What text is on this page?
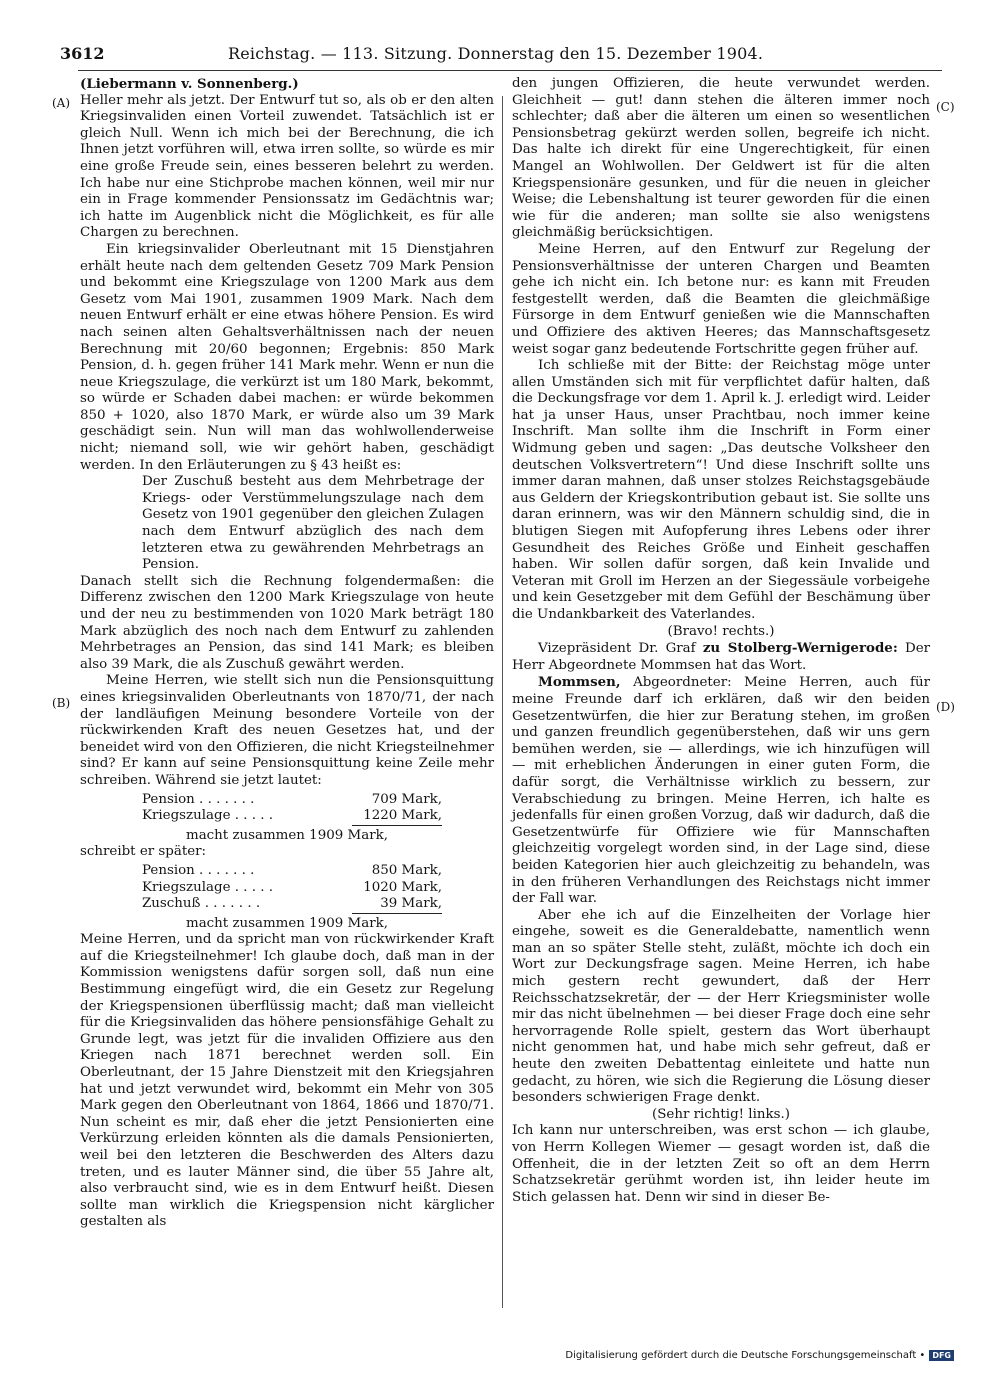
3612	Reichstag. — 113. Sitzung. Donnerstag den 15. Dezember 1904.
(A)
(B)
(C)
(D)

(Liebermann v. Sonnenberg.)

Heller mehr als jetzt. Der Entwurf tut so, als ob er den alten Kriegsinvaliden einen Vorteil zuwendet. Tatsächlich ist er gleich Null. Wenn ich mich bei der Berechnung, die ich Ihnen jetzt vorführen will, etwa irren sollte, so würde es mir eine große Freude sein, eines besseren belehrt zu werden. Ich habe nur eine Stichprobe machen können, weil mir nur ein in Frage kommender Pensionssatz im Gedächtnis war; ich hatte im Augenblick nicht die Möglichkeit, es für alle Chargen zu berechnen.

Ein kriegsinvalider Oberleutnant mit 15 Dienstjahren erhält heute nach dem geltenden Gesetz 709 Mark Pension und bekommt eine Kriegszulage von 1200 Mark aus dem Gesetz vom Mai 1901, zusammen 1909 Mark. Nach dem neuen Entwurf erhält er eine etwas höhere Pension. Es wird nach seinen alten Gehaltsverhältnissen nach der neuen Berechnung mit 20/60 begonnen; Ergebnis: 850 Mark Pension, d. h. gegen früher 141 Mark mehr. Wenn er nun die neue Kriegszulage, die verkürzt ist um 180 Mark, bekommt, so würde er Schaden dabei machen: er würde bekommen 850 + 1020, also 1870 Mark, er würde also um 39 Mark geschädigt sein. Nun will man das wohlwollenderweise nicht; niemand soll, wie wir gehört haben, geschädigt werden. In den Erläuterungen zu § 43 heißt es:

Der Zuschuß besteht aus dem Mehrbetrage der Kriegs- oder Verstümmelungszulage nach dem Gesetz von 1901 gegenüber den gleichen Zulagen nach dem Entwurf abzüglich des nach dem letzteren etwa zu gewährenden Mehrbetrags an Pension.

Danach stellt sich die Rechnung folgendermaßen: die Differenz zwischen den 1200 Mark Kriegszulage von heute und der neu zu bestimmenden von 1020 Mark beträgt 180 Mark abzüglich des noch nach dem Entwurf zu zahlenden Mehrbetrages an Pension, das sind 141 Mark; es bleiben also 39 Mark, die als Zuschuß gewährt werden.

Meine Herren, wie stellt sich nun die Pensionsquittung eines kriegsinvaliden Oberleutnants von 1870/71, der nach der landläufigen Meinung besondere Vorteile von der rückwirkenden Kraft des neuen Gesetzes hat, und der beneidet wird von den Offizieren, die nicht Kriegsteilnehmer sind? Er kann auf seine Pensionsquittung keine Zeile mehr schreiben. Während sie jetzt lautet:

Pension . . . . . . .	709 Mark,
Kriegszulage . . . . .	1220 Mark,

macht zusammen 1909 Mark,

schreibt er später:

Pension . . . . . . .	850 Mark,
Kriegszulage . . . . .	1020 Mark,
Zuschuß . . . . . . .	39 Mark,

macht zusammen 1909 Mark,

Meine Herren, und da spricht man von rückwirkender Kraft auf die Kriegsteilnehmer! Ich glaube doch, daß man in der Kommission wenigstens dafür sorgen soll, daß nun eine Bestimmung eingefügt wird, die ein Gesetz zur Regelung der Kriegspensionen überflüssig macht; daß man vielleicht für die Kriegsinvaliden das höhere pensionsfähige Gehalt zu Grunde legt, was jetzt für die invaliden Offiziere aus den Kriegen nach 1871 berechnet werden soll. Ein Oberleutnant, der 15 Jahre Dienstzeit mit den Kriegsjahren hat und jetzt verwundet wird, bekommt ein Mehr von 305 Mark gegen den Oberleutnant von 1864, 1866 und 1870/71. Nun scheint es mir, daß eher die jetzt Pensionierten eine Verkürzung erleiden könnten als die damals Pensionierten, weil bei den letzteren die Beschwerden des Alters dazu treten, und es lauter Männer sind, die über 55 Jahre alt, also verbraucht sind, wie es in dem Entwurf heißt. Diesen sollte man wirklich die Kriegspension nicht kärglicher gestalten als

den jungen Offizieren, die heute verwundet werden. Gleichheit — gut! dann stehen die älteren immer noch schlechter; daß aber die älteren um einen so wesentlichen Pensionsbetrag gekürzt werden sollen, begreife ich nicht. Das halte ich direkt für eine Ungerechtigkeit, für einen Mangel an Wohlwollen. Der Geldwert ist für die alten Kriegspensionäre gesunken, und für die neuen in gleicher Weise; die Lebenshaltung ist teurer geworden für die einen wie für die anderen; man sollte sie also wenigstens gleichmäßig berücksichtigen.

Meine Herren, auf den Entwurf zur Regelung der Pensionsverhältnisse der unteren Chargen und Beamten gehe ich nicht ein. Ich betone nur: es kann mit Freuden festgestellt werden, daß die Beamten die gleichmäßige Fürsorge in dem Entwurf genießen wie die Mannschaften und Offiziere des aktiven Heeres; das Mannschaftsgesetz weist sogar ganz bedeutende Fortschritte gegen früher auf.

Ich schließe mit der Bitte: der Reichstag möge unter allen Umständen sich mit für verpflichtet dafür halten, daß die Deckungsfrage vor dem 1. April k. J. erledigt wird. Leider hat ja unser Haus, unser Prachtbau, noch immer keine Inschrift. Man sollte ihm die Inschrift in Form einer Widmung geben und sagen: „Das deutsche Volksheer den deutschen Volksvertretern“! Und diese Inschrift sollte uns immer daran mahnen, daß unser stolzes Reichstagsgebäude aus Geldern der Kriegskontribution gebaut ist. Sie sollte uns daran erinnern, was wir den Männern schuldig sind, die in blutigen Siegen mit Aufopferung ihres Lebens oder ihrer Gesundheit des Reiches Größe und Einheit geschaffen haben. Wir sollen dafür sorgen, daß kein Invalide und Veteran mit Groll im Herzen an der Siegessäule vorbeigehe und kein Gesetzgeber mit dem Gefühl der Beschämung über die Undankbarkeit des Vaterlandes.

(Bravo! rechts.)

Vizepräsident Dr. Graf zu Stolberg-Wernigerode: Der Herr Abgeordnete Mommsen hat das Wort.

Mommsen, Abgeordneter: Meine Herren, auch für meine Freunde darf ich erklären, daß wir den beiden Gesetzentwürfen, die hier zur Beratung stehen, im großen und ganzen freundlich gegenüberstehen, daß wir uns gern bemühen werden, sie — allerdings, wie ich hinzufügen will — mit erheblichen Änderungen in einer guten Form, die dafür sorgt, die Verhältnisse wirklich zu bessern, zur Verabschiedung zu bringen. Meine Herren, ich halte es jedenfalls für einen großen Vorzug, daß wir dadurch, daß die Gesetzentwürfe für Offiziere wie für Mannschaften gleichzeitig vorgelegt worden sind, in der Lage sind, diese beiden Kategorien hier auch gleichzeitig zu behandeln, was in den früheren Verhandlungen des Reichstags nicht immer der Fall war.

Aber ehe ich auf die Einzelheiten der Vorlage hier eingehe, soweit es die Generaldebatte, namentlich wenn man an so später Stelle steht, zuläßt, möchte ich doch ein Wort zur Deckungsfrage sagen. Meine Herren, ich habe mich gestern recht gewundert, daß der Herr Reichsschatzsekretär, der — der Herr Kriegsminister wolle mir das nicht übelnehmen — bei dieser Frage doch eine sehr hervorragende Rolle spielt, gestern das Wort überhaupt nicht genommen hat, und habe mich sehr gefreut, daß er heute den zweiten Debattentag einleitete und hatte nun gedacht, zu hören, wie sich die Regierung die Lösung dieser besonders schwierigen Frage denkt.

(Sehr richtig! links.)

Ich kann nur unterschreiben, was erst schon — ich glaube, von Herrn Kollegen Wiemer — gesagt worden ist, daß die Offenheit, die in der letzten Zeit so oft an dem Herrn Schatzsekretär gerühmt worden ist, ihn leider heute im Stich gelassen hat. Denn wir sind in dieser Be-

Digitalisierung gefördert durch die Deutsche Forschungsgemeinschaft • DFG
